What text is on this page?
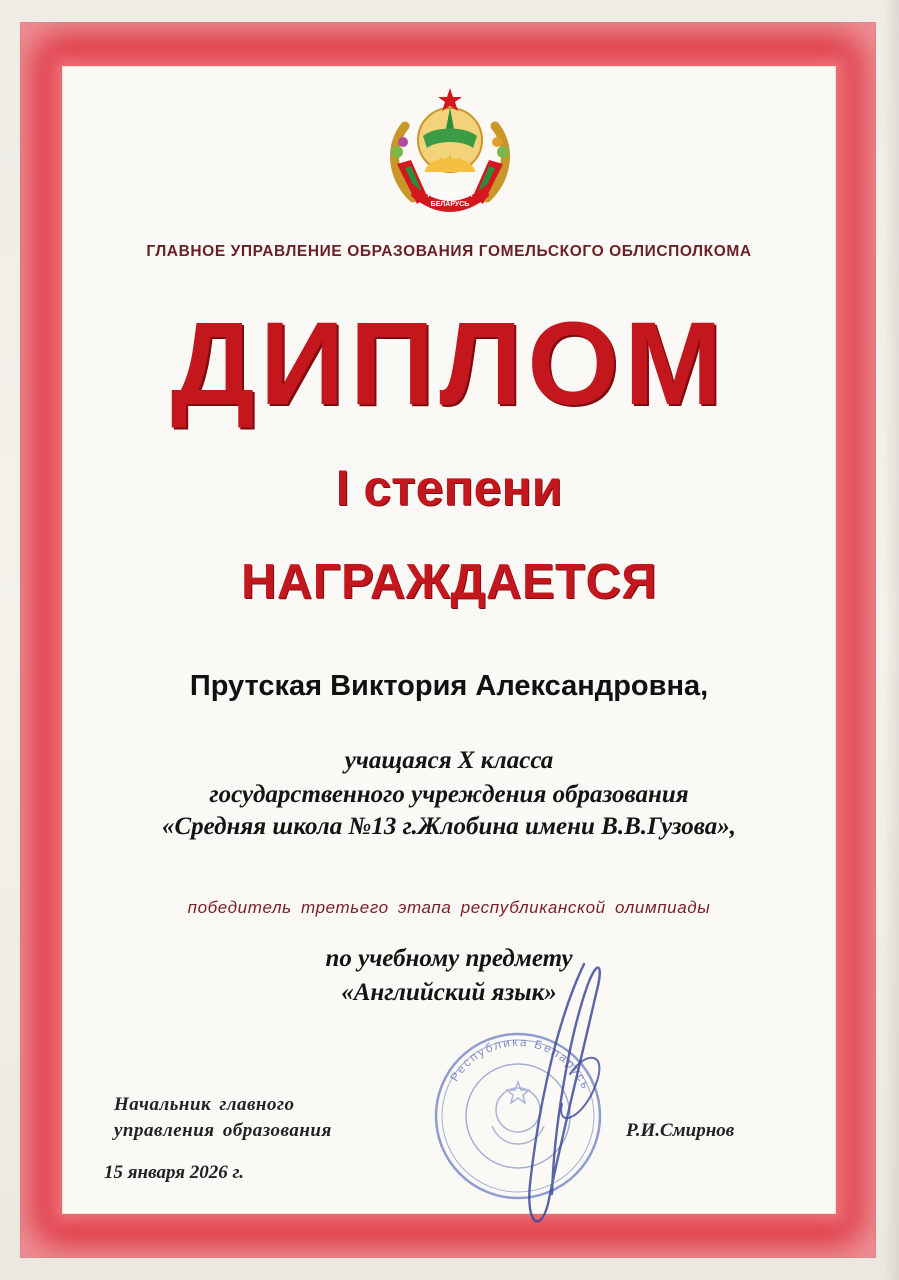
РЭСПУБЛІКА
БЕЛАРУСЬ
ГЛАВНОЕ УПРАВЛЕНИЕ ОБРАЗОВАНИЯ ГОМЕЛЬСКОГО ОБЛИСПОЛКОМА
ДИПЛОМ
I степени
НАГРАЖДАЕТСЯ
Прутская Виктория Александровна,
учащаяся X класса
государственного учреждения образования
«Средняя школа №13 г.Жлобина имени В.В.Гузова»,
победитель третьего этапа республиканской олимпиады
по учебному предмету
«Английский язык»
Республика Беларусь
Начальник главного
управления образования	Р.И.Смирнов
15 января 2026 г.
